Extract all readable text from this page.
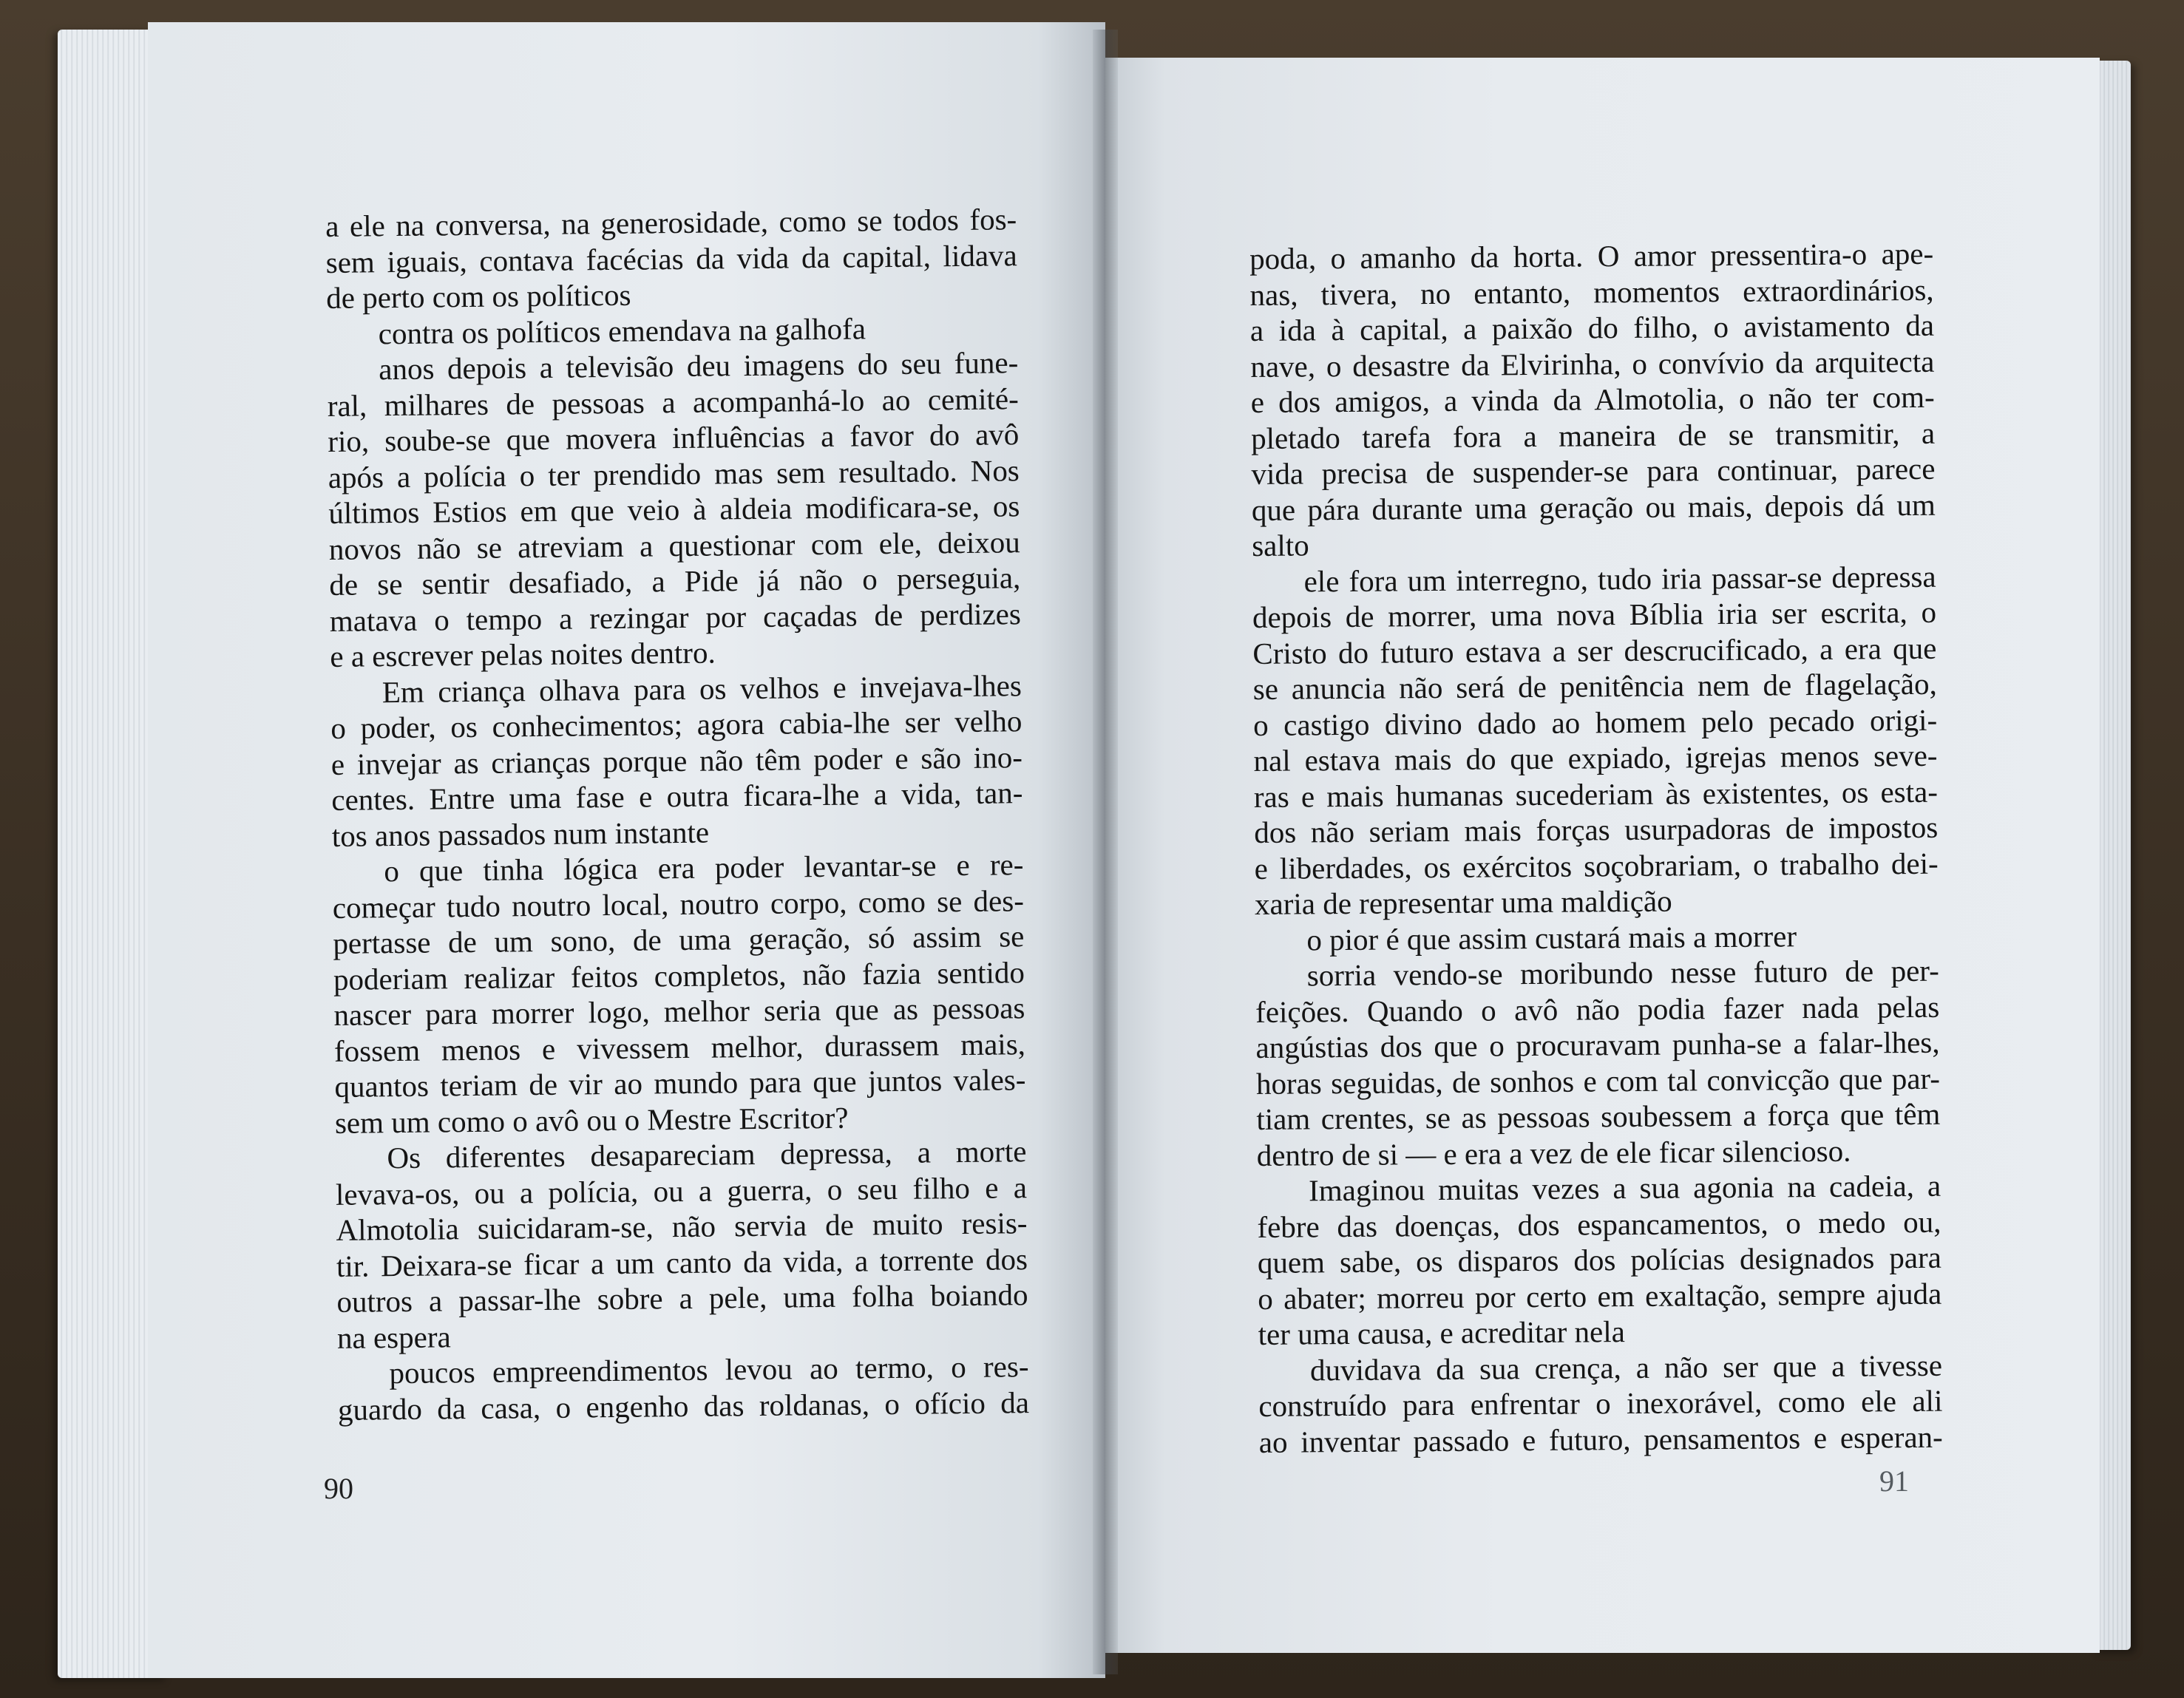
a ele na conversa, na generosidade, como se todos fos-
sem iguais, contava facécias da vida da capital, lidava
de perto com os políticos
contra os políticos emendava na galhofa
anos depois a televisão deu imagens do seu fune-
ral, milhares de pessoas a acompanhá-lo ao cemité-
rio, soube-se que movera influências a favor do avô
após a polícia o ter prendido mas sem resultado. Nos
últimos Estios em que veio à aldeia modificara-se, os
novos não se atreviam a questionar com ele, deixou
de se sentir desafiado, a Pide já não o perseguia,
matava o tempo a rezingar por caçadas de perdizes
e a escrever pelas noites dentro.
Em criança olhava para os velhos e invejava-lhes
o poder, os conhecimentos; agora cabia-lhe ser velho
e invejar as crianças porque não têm poder e são ino-
centes. Entre uma fase e outra ficara-lhe a vida, tan-
tos anos passados num instante
o que tinha lógica era poder levantar-se e re-
começar tudo noutro local, noutro corpo, como se des-
pertasse de um sono, de uma geração, só assim se
poderiam realizar feitos completos, não fazia sentido
nascer para morrer logo, melhor seria que as pessoas
fossem menos e vivessem melhor, durassem mais,
quantos teriam de vir ao mundo para que juntos vales-
sem um como o avô ou o Mestre Escritor?
Os diferentes desapareciam depressa, a morte
levava-os, ou a polícia, ou a guerra, o seu filho e a
Almotolia suicidaram-se, não servia de muito resis-
tir. Deixara-se ficar a um canto da vida, a torrente dos
outros a passar-lhe sobre a pele, uma folha boiando
na espera
poucos empreendimentos levou ao termo, o res-
guardo da casa, o engenho das roldanas, o ofício da
poda, o amanho da horta. O amor pressentira-o ape-
nas, tivera, no entanto, momentos extraordinários,
a ida à capital, a paixão do filho, o avistamento da
nave, o desastre da Elvirinha, o convívio da arquitecta
e dos amigos, a vinda da Almotolia, o não ter com-
pletado tarefa fora a maneira de se transmitir, a
vida precisa de suspender-se para continuar, parece
que pára durante uma geração ou mais, depois dá um
salto
ele fora um interregno, tudo iria passar-se depressa
depois de morrer, uma nova Bíblia iria ser escrita, o
Cristo do futuro estava a ser descrucificado, a era que
se anuncia não será de penitência nem de flagelação,
o castigo divino dado ao homem pelo pecado origi-
nal estava mais do que expiado, igrejas menos seve-
ras e mais humanas sucederiam às existentes, os esta-
dos não seriam mais forças usurpadoras de impostos
e liberdades, os exércitos soçobrariam, o trabalho dei-
xaria de representar uma maldição
o pior é que assim custará mais a morrer
sorria vendo-se moribundo nesse futuro de per-
feições. Quando o avô não podia fazer nada pelas
angústias dos que o procuravam punha-se a falar-lhes,
horas seguidas, de sonhos e com tal convicção que par-
tiam crentes, se as pessoas soubessem a força que têm
dentro de si — e era a vez de ele ficar silencioso.
Imaginou muitas vezes a sua agonia na cadeia, a
febre das doenças, dos espancamentos, o medo ou,
quem sabe, os disparos dos polícias designados para
o abater; morreu por certo em exaltação, sempre ajuda
ter uma causa, e acreditar nela
duvidava da sua crença, a não ser que a tivesse
construído para enfrentar o inexorável, como ele ali
ao inventar passado e futuro, pensamentos e esperan-
90	91
